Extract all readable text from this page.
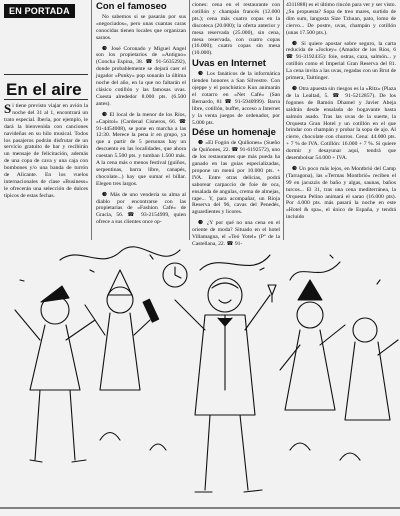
EN PORTADA
En el aire
Si tiene previsto viajar en avión la noche del 31 al 1, encontrará un trato especial. Iberia, por ejemplo, le dará la bienvenida con canciones navideñas en su hilo musical. Todos los pasajeros podrán disfrutar de un servicio gratuito de bar y recibirán un mensaje de felicitación, además de una copa de cava y una caja con bombones y/o una banda de turrón de Alicante. En los vuelos internacionales de clase «Business» le ofrecerán una selección de dulces típicos de estas fechas.
Con el famoseo

No sabemos si se pasarán por sus «negociados», pero unas cuantas caras conocidas tienen locales que organizan saraos.

❸ José Coronado y Miguel Angel son los propietarios de «Antiguo» (Concha Espina, 38. ☎ 91-5635292), donde probablemente se dejará caer el jugador «Punky» pop sonarán la última noche del año, en la que no faltarán el clásico cotillón y las famosas uvas. Cuesta alrededor 8.000 pts. (6.500 antes).

❸ El local de la menor de los Ríos, «Capitol» (Cardenal Cisneros, 66. ☎ 91-4454008), se pone en marcha a las 12:30. Merece la pena ir en grupo, ya que a partir de 5 personas hay un descuento en las localidades, que ahora cuestan 5.500 pts. y tumban 1.500 más. A la cena más o menos festival (guiños, serpentinas, barra libre, canapés, chocolate...) hay que sumar el billar. Elegen tres largos.

❸ Más de uno vendería su alma al diablo por encontrarse con las propietarias de «Fashion Café» de Gracia, 56. ☎ 93-2154999, quien ofrece a sus clientes once op-

ciones: cena en el restaurante con cotillón y champán francés (12.000 pts.); cena más cuatro copas en la discoteca (20.000); la oferta anterior y mesa reservada (25.000), sin cena, mesa reservada, con cuatro copas (16.000); cuatro copas sin mesa (10.000).

Uvas en Internet

❸ Los fanáticos de la informática tienden honores a San Silvestre. Con ojeppe y el ponchístico Kun animarán el cotarro en «Net Café» (San Bernardo, 81 ☎ 91-5940999). Barra libre, cotillón, buffet, acceso a Internet y la venta juegos de ordenador, por 5.000 pts.

Dése un homenaje

❸ «El Fogón de Quiñones» (Sueño de Quiñones, 22. ☎ 91-6192572), uno de los restaurantes que más pueda ha ganado en las guías especializadas, propone un menú por 10.000 pts. + IVA. Entre otras delicias, podrá saborear carpaccio de foie de oca, ensalada de angulas, crema de almejas, rape... Y, para acompañar, un Rioja Reserva del 96, cavas del Penedés, aguardientes y licores.

❸ ¿Y por qué no una cena en el oriente de moda? Situado en el hotel Villamagna, el «Teó Yotel» (Pº de la Castellana, 22. ☎ 91-

4311888) es el último rincón para ver y ser visto. ¿Su propuesta? Sopa de treo mares, surtido de dim sum, langosta Size Tzhuan, pato, lomo de ciervo... De postre, uvas, champán y cotillón (unas 17.500 pts.).

❸ Si quiere apostar sobre seguro, la carta reducida de «Jockey» (Amador de los Ríos, 6 ☎ 91-3192435): foie, ostras, caza, salmón... y cotillón como el Imperial Gran Reserva del 81. La cena invita a las uvas, regadas con un Brut de primera, Taittinger.

❸ Otra apuesta sin riesgos es la «Ritz» (Plaza de la Lealtad, 5. ☎ 91-5212857). De los fogones de Ramón Dhamel y Javier Abeja saldrán desde ensalada de bogavante hasta salmón asado. Tras las uvas de la suerte, la Orquesta Gran Hotel y un cotillón en el que brindar con champán y probar la sopa de ajo. Al cierre, chocolate con churros. Cena: 44.000 pts. + 7 % de IVA. Cotillón: 16.000 + 7 %. Si quiere dormir y desayunar aquí, tendrá que desembolsar 54.000 + IVA.

❸ Un poco más lejos, en Montbrió del Camp (Tarragona), las «Termas Montbrió» reciben el 99 en jacuzzis de baño y algas, saunas, baños turcos... El 31, tras una cena mediterránea, la Orquesta Pelino animará el sarao (16.000 pts). Por 4.000 pts. más pasará la noche en este «Hotel & spa», el único de España, y tendrá incluido
